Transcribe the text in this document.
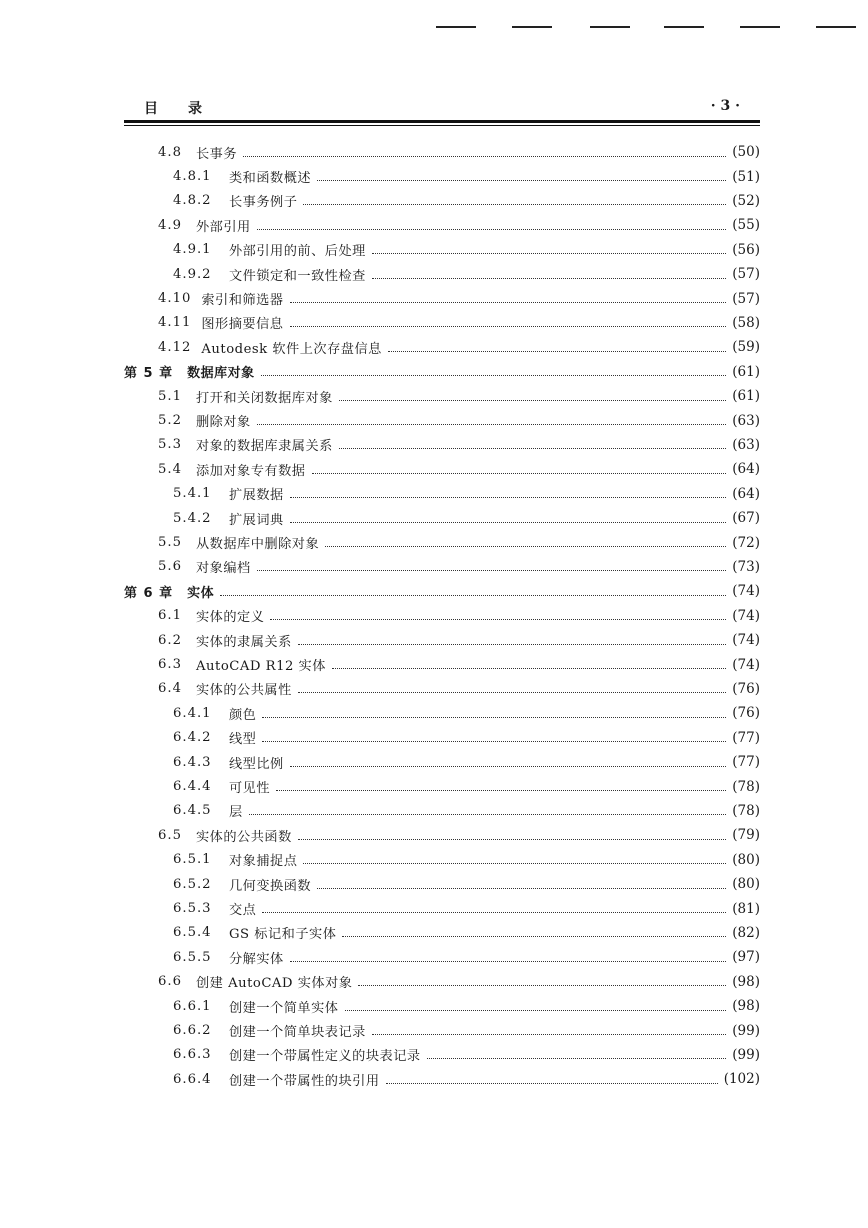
目 录	· 3 ·
4.8	长事务	(50)
4.8.1	类和函数概述	(51)
4.8.2	长事务例子	(52)
4.9	外部引用	(55)
4.9.1	外部引用的前、后处理	(56)
4.9.2	文件锁定和一致性检查	(57)
4.10 索引和筛选器	(57)
4.11 图形摘要信息	(58)
4.12 Autodesk 软件上次存盘信息	(59)
第 5 章 数据库对象	(61)
5.1	打开和关闭数据库对象	(61)
5.2	删除对象	(63)
5.3	对象的数据库隶属关系	(63)
5.4	添加对象专有数据	(64)
5.4.1	扩展数据	(64)
5.4.2	扩展词典	(67)
5.5	从数据库中删除对象	(72)
5.6	对象编档	(73)
第 6 章 实体	(74)
6.1	实体的定义	(74)
6.2	实体的隶属关系	(74)
6.3	AutoCAD R12 实体	(74)
6.4	实体的公共属性	(76)
6.4.1	颜色	(76)
6.4.2	线型	(77)
6.4.3	线型比例	(77)
6.4.4	可见性	(78)
6.4.5	层	(78)
6.5	实体的公共函数	(79)
6.5.1	对象捕捉点	(80)
6.5.2	几何变换函数	(80)
6.5.3	交点	(81)
6.5.4	GS 标记和子实体	(82)
6.5.5	分解实体	(97)
6.6	创建 AutoCAD 实体对象	(98)
6.6.1	创建一个简单实体	(98)
6.6.2	创建一个简单块表记录	(99)
6.6.3	创建一个带属性定义的块表记录	(99)
6.6.4	创建一个带属性的块引用	(102)
